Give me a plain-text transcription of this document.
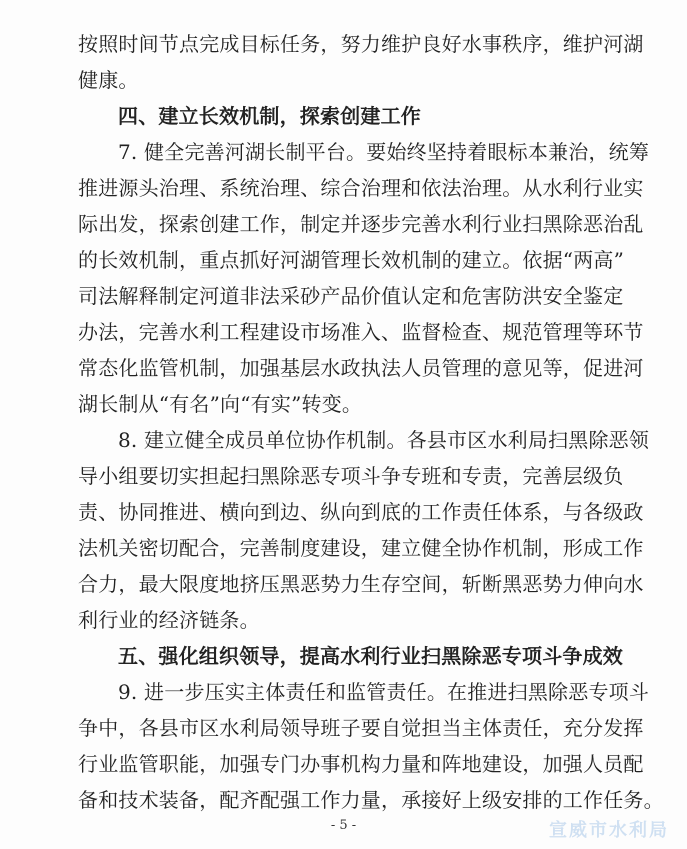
按照时间节点完成目标任务，努力维护良好水事秩序，维护河湖
健康。
四、建立长效机制，探索创建工作
7. 健全完善河湖长制平台。要始终坚持着眼标本兼治，统筹
推进源头治理、系统治理、综合治理和依法治理。从水利行业实
际出发，探索创建工作，制定并逐步完善水利行业扫黑除恶治乱
的长效机制，重点抓好河湖管理长效机制的建立。依据“两高”
司法解释制定河道非法采砂产品价值认定和危害防洪安全鉴定
办法，完善水利工程建设市场准入、监督检查、规范管理等环节
常态化监管机制，加强基层水政执法人员管理的意见等，促进河
湖长制从“有名”向“有实”转变。
8. 建立健全成员单位协作机制。各县市区水利局扫黑除恶领
导小组要切实担起扫黑除恶专项斗争专班和专责，完善层级负
责、协同推进、横向到边、纵向到底的工作责任体系，与各级政
法机关密切配合，完善制度建设，建立健全协作机制，形成工作
合力，最大限度地挤压黑恶势力生存空间，斩断黑恶势力伸向水
利行业的经济链条。
五、强化组织领导，提高水利行业扫黑除恶专项斗争成效
9. 进一步压实主体责任和监管责任。在推进扫黑除恶专项斗
争中，各县市区水利局领导班子要自觉担当主体责任，充分发挥
行业监管职能，加强专门办事机构力量和阵地建设，加强人员配
备和技术装备，配齐配强工作力量，承接好上级安排的工作任务。
- 5 -	宣威市水利局
